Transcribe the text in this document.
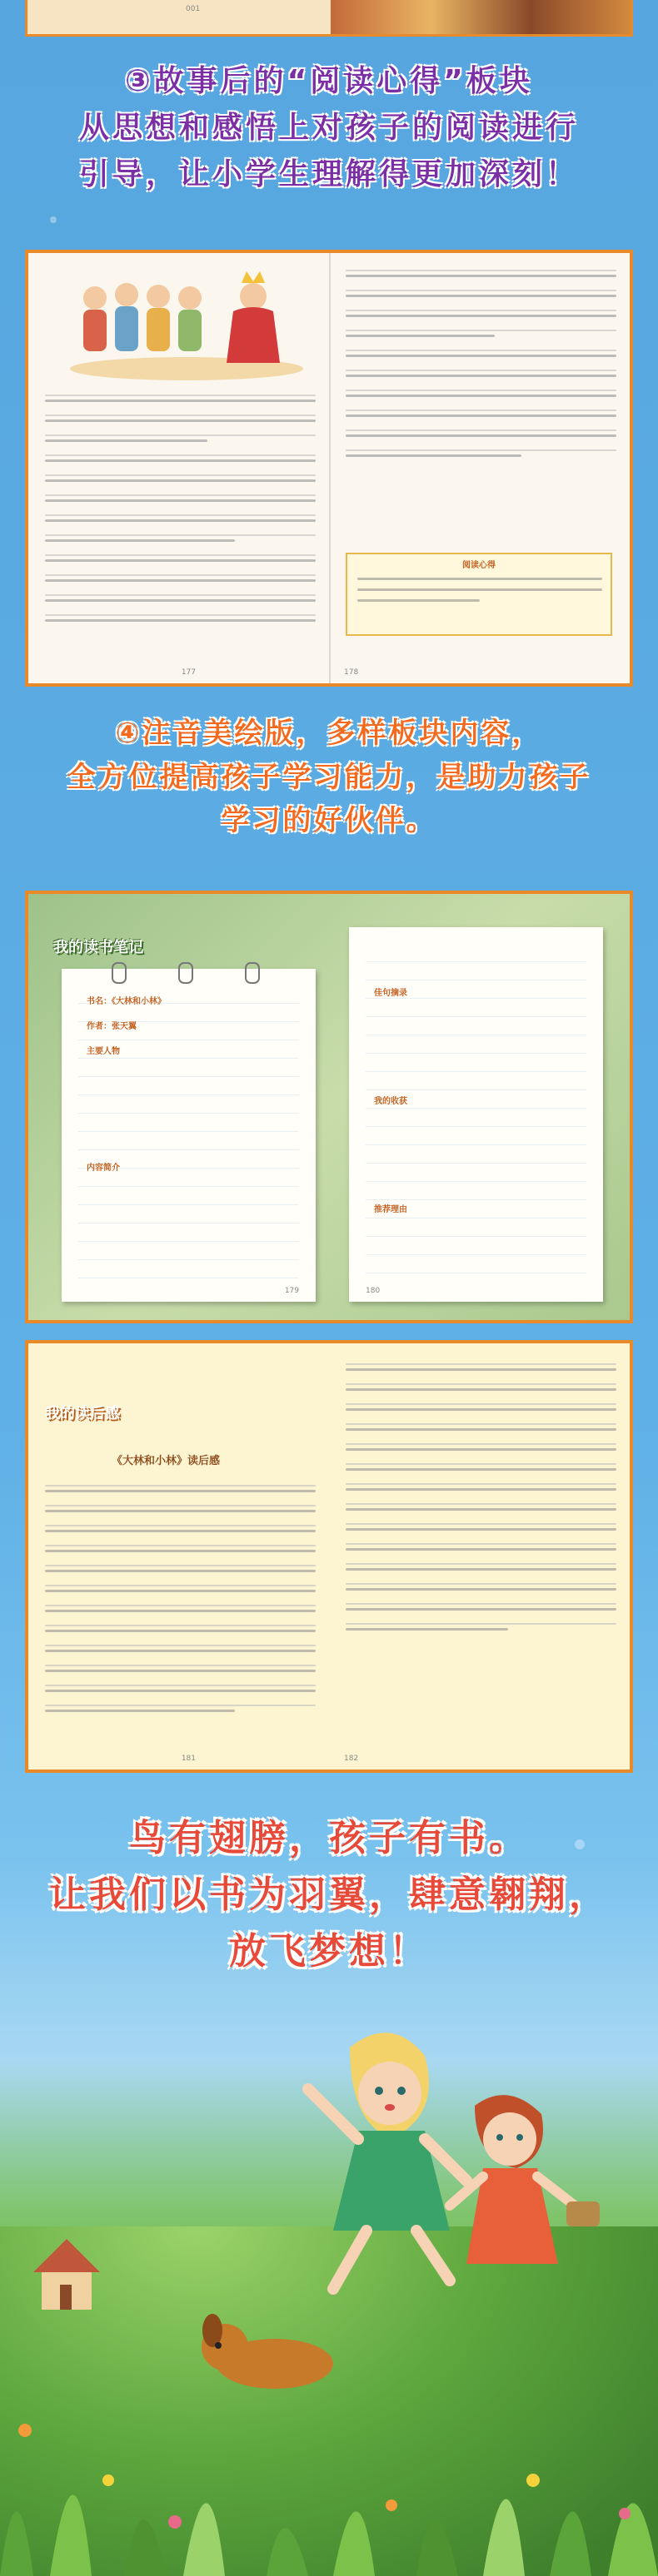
001
③故事后的“阅读心得”板块
从思想和感悟上对孩子的阅读进行
引导，让小学生理解得更加深刻！
177
阅读心得
178
④注音美绘版，多样板块内容，
全方位提高孩子学习能力，是助力孩子
学习的好伙伴。
我的读书笔记
书名：《大林和小林》
作者：张天翼
主要人物
内容简介
179
佳句摘录
我的收获
推荐理由
180
我的读后感
《大林和小林》读后感
181	182
鸟有翅膀，孩子有书。
让我们以书为羽翼，肆意翱翔，
放飞梦想！
